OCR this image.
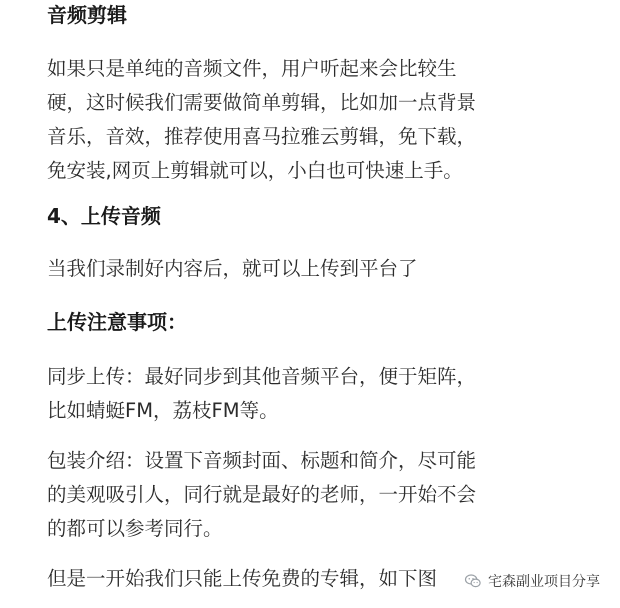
音频剪辑
如果只是单纯的音频文件，用户听起来会比较生
硬，这时候我们需要做简单剪辑，比如加一点背景
音乐，音效，推荐使用喜马拉雅云剪辑，免下载，
免安装,网页上剪辑就可以，小白也可快速上手。
4、上传音频
当我们录制好内容后，就可以上传到平台了
上传注意事项：
同步上传：最好同步到其他音频平台，便于矩阵，
比如蜻蜓FM，荔枝FM等。
包装介绍：设置下音频封面、标题和简介，尽可能
的美观吸引人，同行就是最好的老师，一开始不会
的都可以参考同行。
但是一开始我们只能上传免费的专辑，如下图	宅森副业项目分享
